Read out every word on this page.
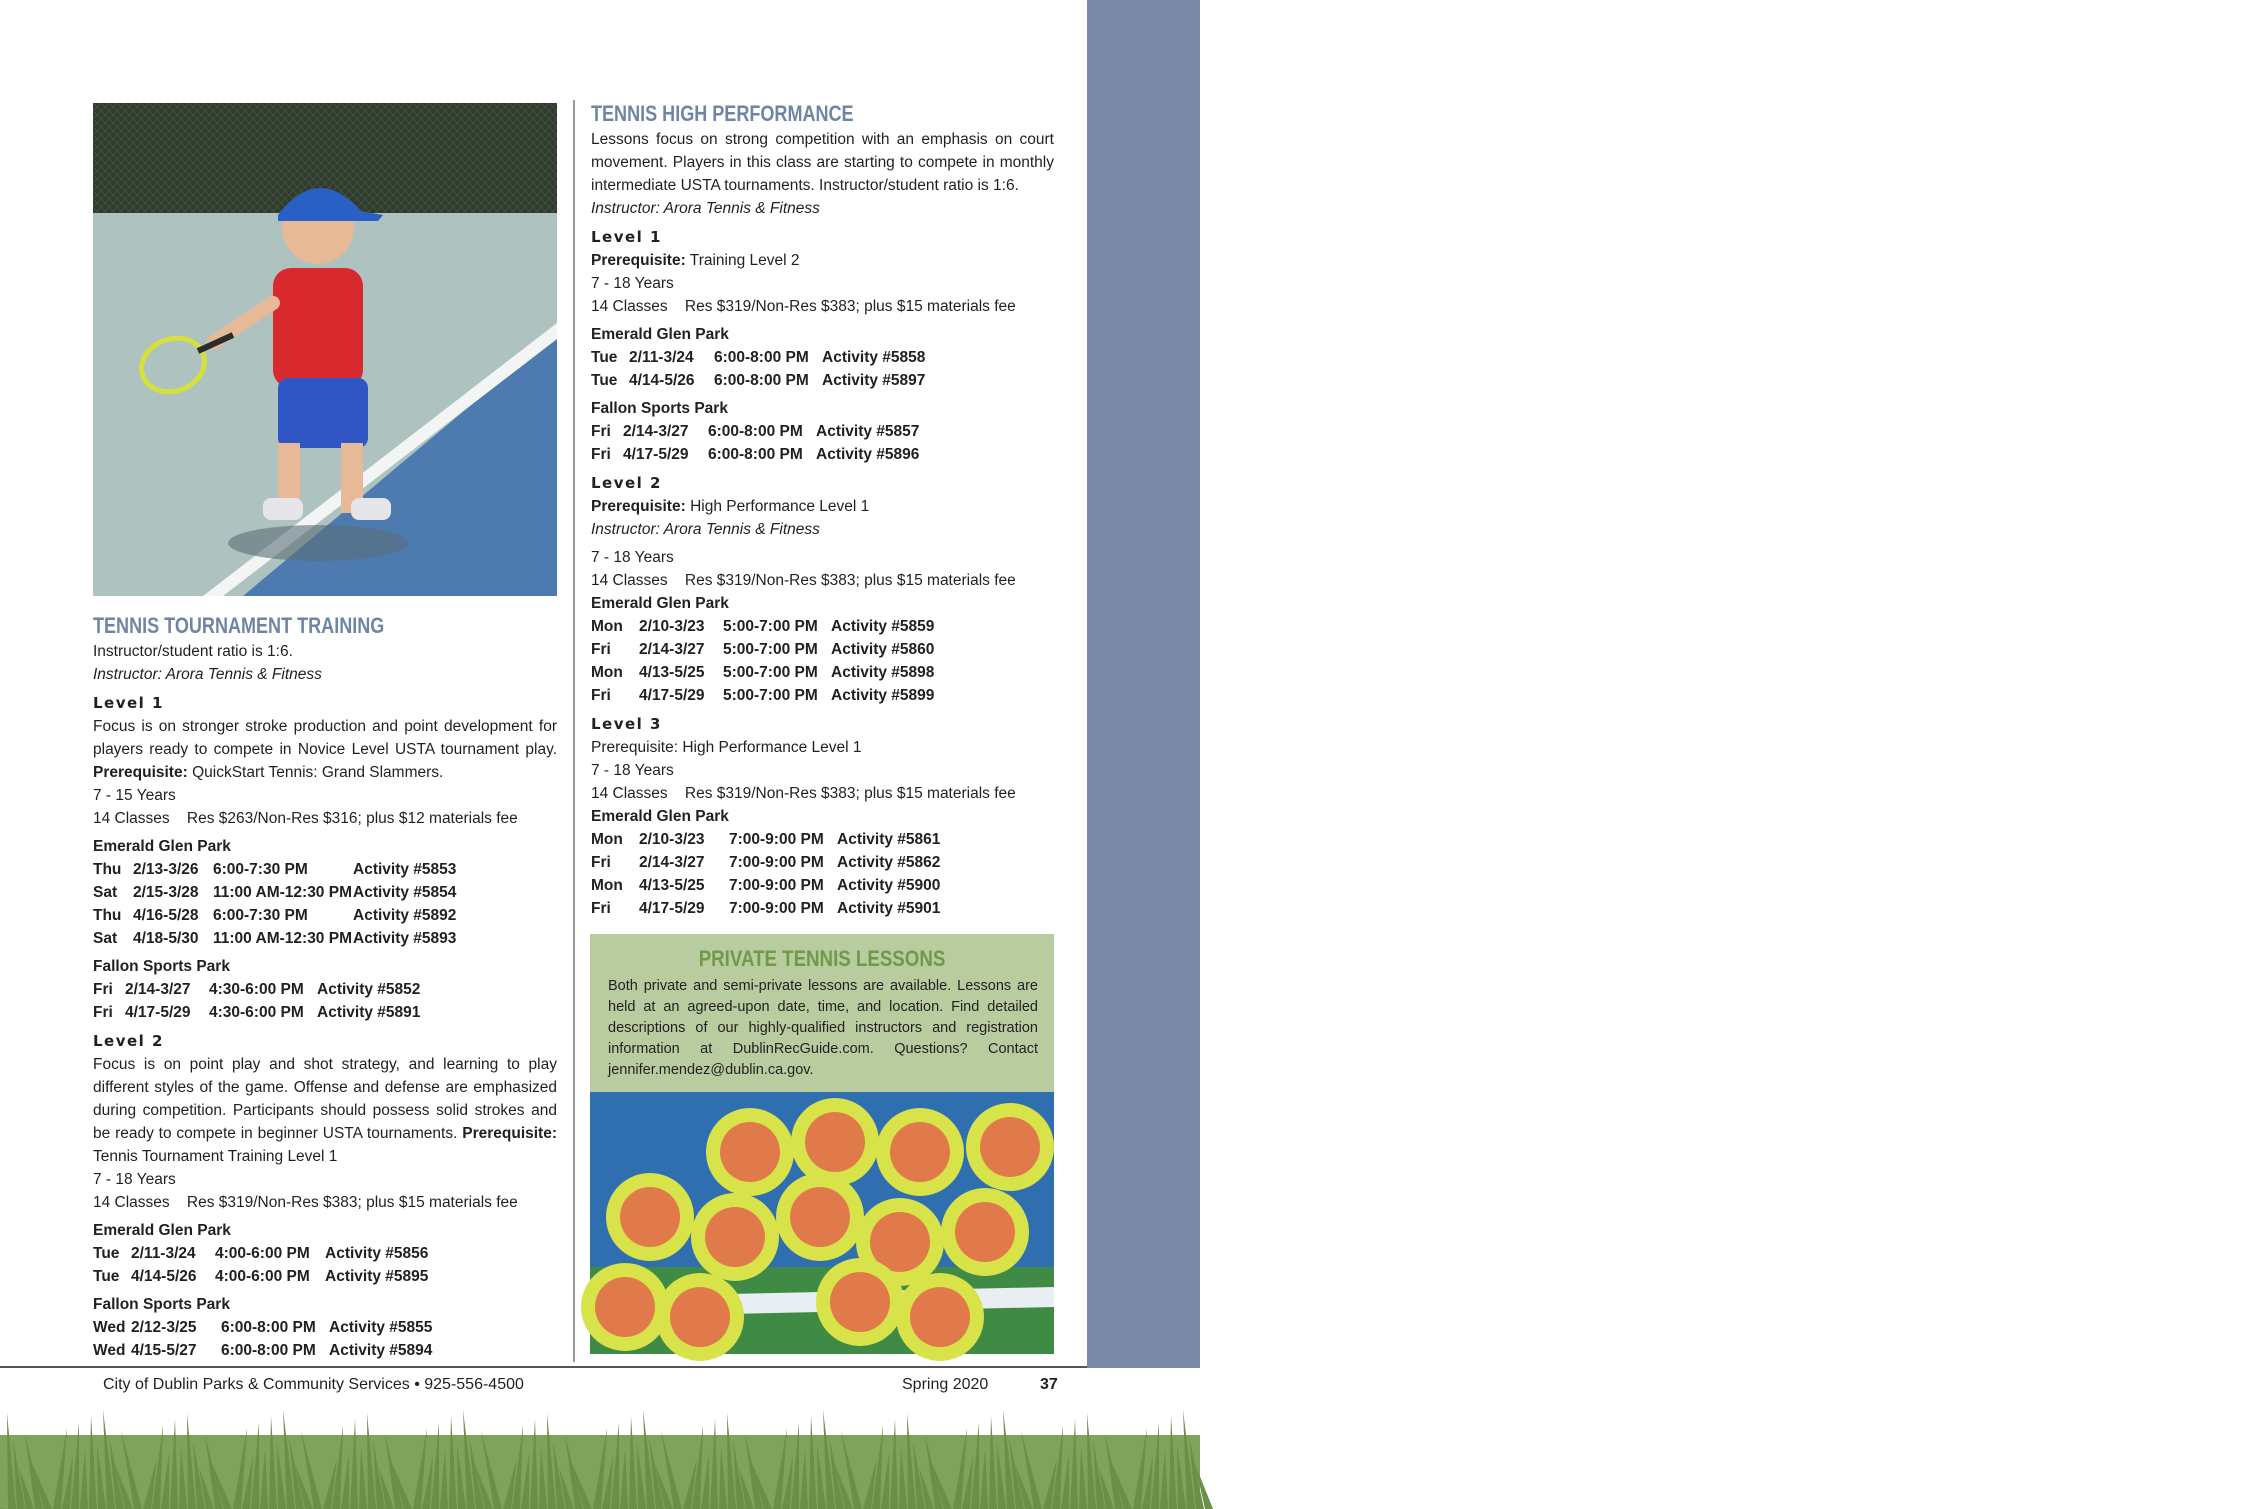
ELEMENTARY
TENNIS TOURNAMENT TRAINING
Instructor/student ratio is 1:6.
Instructor: Arora Tennis & Fitness
Level 1

Focus is on stronger stroke production and point development for players ready to compete in Novice Level USTA tournament play. Prerequisite: QuickStart Tennis: Grand Slammers.

7 - 15 Years
14 Classes    Res $263/Non-Res $316; plus $12 materials fee
Emerald Glen Park
Thu 2/13-3/26 6:00-7:30 PM	Activity #5853
Sat	2/15-3/28 11:00 AM-12:30 PM Activity #5854
Thu 4/16-5/28 6:00-7:30 PM	Activity #5892
Sat	4/18-5/30 11:00 AM-12:30 PM Activity #5893
Fallon Sports Park
Fri 2/14-3/27	4:30-6:00 PM Activity #5852
Fri 4/17-5/29	4:30-6:00 PM Activity #5891
Level 2

Focus is on point play and shot strategy, and learning to play different styles of the game. Offense and defense are emphasized during competition. Participants should possess solid strokes and be ready to compete in beginner USTA tournaments. Prerequisite: Tennis Tournament Training Level 1

7 - 18 Years
14 Classes    Res $319/Non-Res $383; plus $15 materials fee
Emerald Glen Park
Tue 2/11-3/24	4:00-6:00 PM Activity #5856
Tue 4/14-5/26	4:00-6:00 PM Activity #5895
Fallon Sports Park
Wed 2/12-3/25	6:00-8:00 PM Activity #5855
Wed 4/15-5/27	6:00-8:00 PM Activity #5894
TENNIS HIGH PERFORMANCE

Lessons focus on strong competition with an emphasis on court movement. Players in this class are starting to compete in monthly intermediate USTA tournaments. Instructor/student ratio is 1:6.

Instructor: Arora Tennis & Fitness
Level 1
Prerequisite: Training Level 2
7 - 18 Years
14 Classes    Res $319/Non-Res $383; plus $15 materials fee
Emerald Glen Park
Tue 2/11-3/24	6:00-8:00 PM Activity #5858
Tue 4/14-5/26	6:00-8:00 PM Activity #5897
Fallon Sports Park
Fri 2/14-3/27	6:00-8:00 PM Activity #5857
Fri 4/17-5/29	6:00-8:00 PM Activity #5896
Level 2
Prerequisite: High Performance Level 1
Instructor: Arora Tennis & Fitness
7 - 18 Years
14 Classes    Res $319/Non-Res $383; plus $15 materials fee
Emerald Glen Park
Mon	2/10-3/23	5:00-7:00 PM Activity #5859
Fri	2/14-3/27	5:00-7:00 PM Activity #5860
Mon	4/13-5/25	5:00-7:00 PM Activity #5898
Fri	4/17-5/29	5:00-7:00 PM Activity #5899
Level 3
Prerequisite: High Performance Level 1
7 - 18 Years
14 Classes    Res $319/Non-Res $383; plus $15 materials fee
Emerald Glen Park
Mon	2/10-3/23	7:00-9:00 PM Activity #5861
Fri	2/14-3/27	7:00-9:00 PM Activity #5862
Mon	4/13-5/25	7:00-9:00 PM Activity #5900
Fri	4/17-5/29	7:00-9:00 PM Activity #5901
PRIVATE TENNIS LESSONS
Both private and semi-private lessons are available. Lessons are held at an agreed-upon date, time, and location. Find detailed descriptions of our highly-qualified instructors and registration information at DublinRecGuide.com. Questions? Contact jennifer.mendez@dublin.ca.gov.
City of Dublin Parks & Community Services • 925-556-4500	Spring 2020	37
